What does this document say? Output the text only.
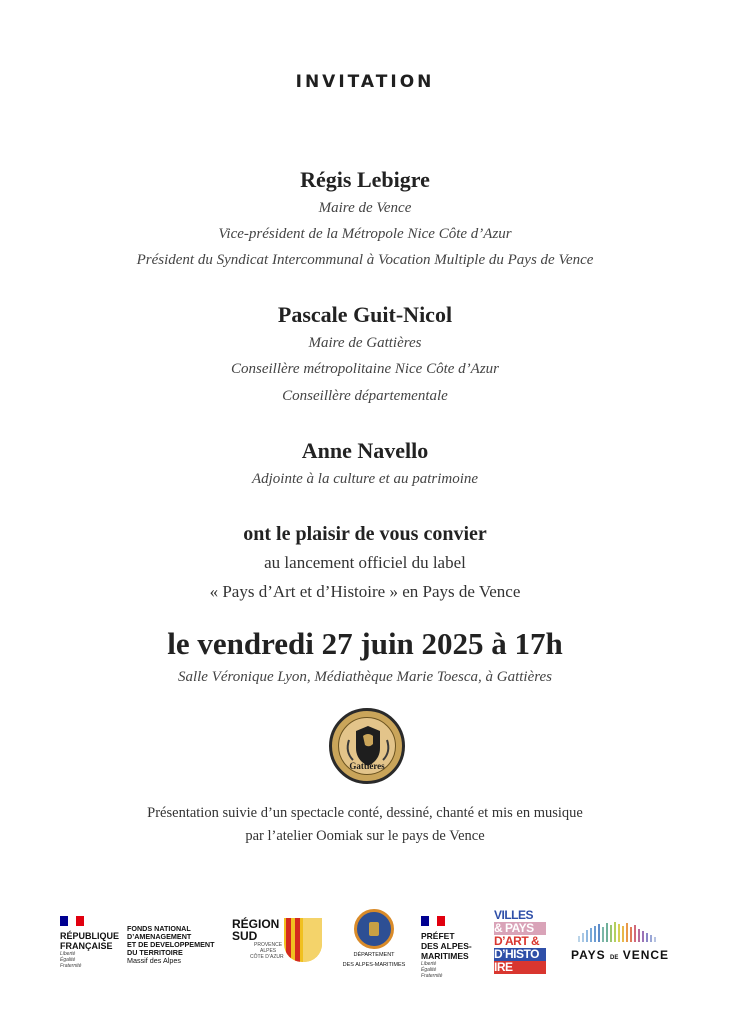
INVITATION
Régis Lebigre
Maire de Vence
Vice-président de la Métropole Nice Côte d’Azur
Président du Syndicat Intercommunal à Vocation Multiple du Pays de Vence
Pascale Guit-Nicol
Maire de Gattières
Conseillère métropolitaine Nice Côte d’Azur
Conseillère départementale
Anne Navello
Adjointe à la culture et au patrimoine
ont le plaisir de vous convier
au lancement officiel du label
« Pays d’Art et d’Histoire » en Pays de Vence
le vendredi 27 juin 2025 à 17h
Salle Véronique Lyon, Médiathèque Marie Toesca, à Gattières
Gattières
Présentation suivie d’un spectacle conté, dessiné, chanté et mis en musique
par l’atelier Oomiak sur le pays de Vence
RÉPUBLIQUE
FRANÇAISE
Liberté
Égalité
Fraternité
FONDS NATIONAL
D’AMENAGEMENT
ET DE DEVELOPPEMENT
DU TERRITOIRE
Massif des Alpes
RÉGION
SUD
PROVENCE
ALPES
CÔTE D’AZUR	DÉPARTEMENT
DES ALPES-MARITIMES
PRÉFET
DES ALPES-
MARITIMES
Liberté
Égalité
Fraternité
VILLES
& PAYS
D’ART &
D’HISTO
IRE
PAYS DE VENCE
